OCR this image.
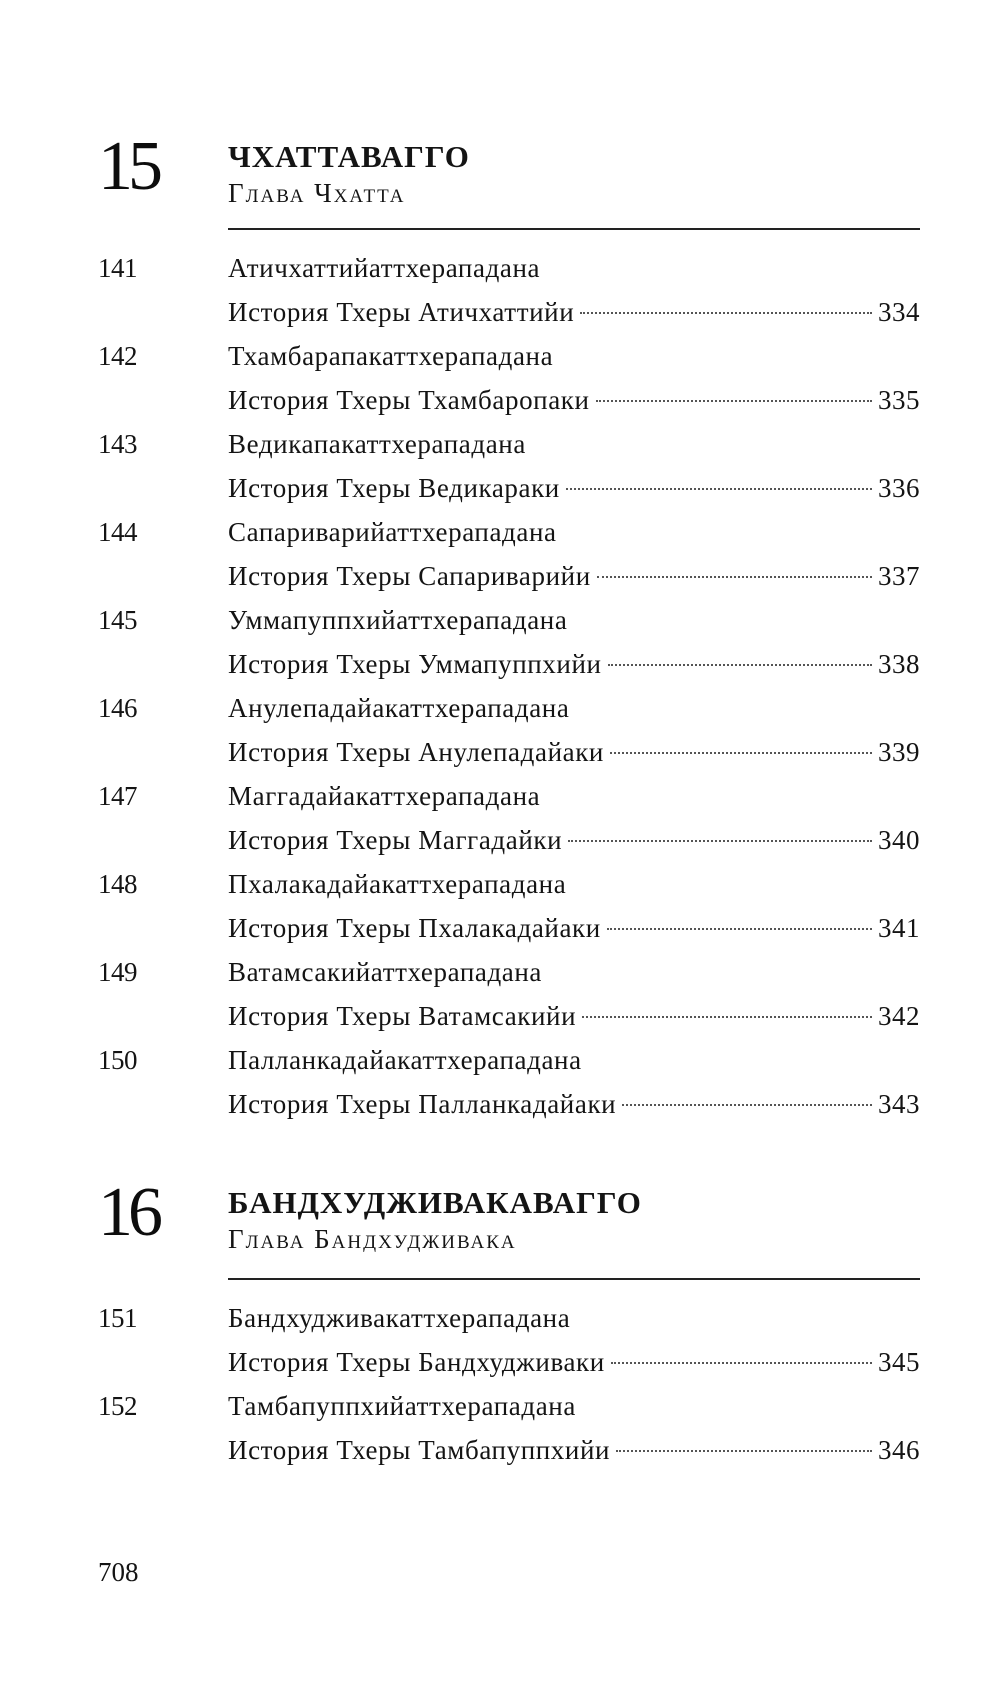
15 ЧХАТТАВАГГО
Глава Чхатта
141	Атичхаттийаттхерападана
История Тхеры Атичхаттийи	334
142	Тхамбарапакаттхерападана
История Тхеры Тхамбаропаки	335
143	Ведикапакаттхерападана
История Тхеры Ведикараки	336
144	Сапариварийаттхерападана
История Тхеры Сапариварийи	337
145	Уммапуппхийаттхерападана
История Тхеры Уммапуппхийи	338
146	Анулепадайакаттхерападана
История Тхеры Анулепадайаки	339
147	Маггадайакаттхерападана
История Тхеры Маггадайки	340
148	Пхалакадайакаттхерападана
История Тхеры Пхалакадайаки	341
149	Ватамсакийаттхерападана
История Тхеры Ватамсакийи	342
150	Палланкадайакаттхерападана
История Тхеры Палланкадайаки	343
16 БАНДХУДЖИВАКАВАГГО
Глава Бандхудживака
151	Бандхудживакаттхерападана
История Тхеры Бандхудживаки	345
152	Тамбапуппхийаттхерападана
История Тхеры Тамбапуппхийи	346
708
